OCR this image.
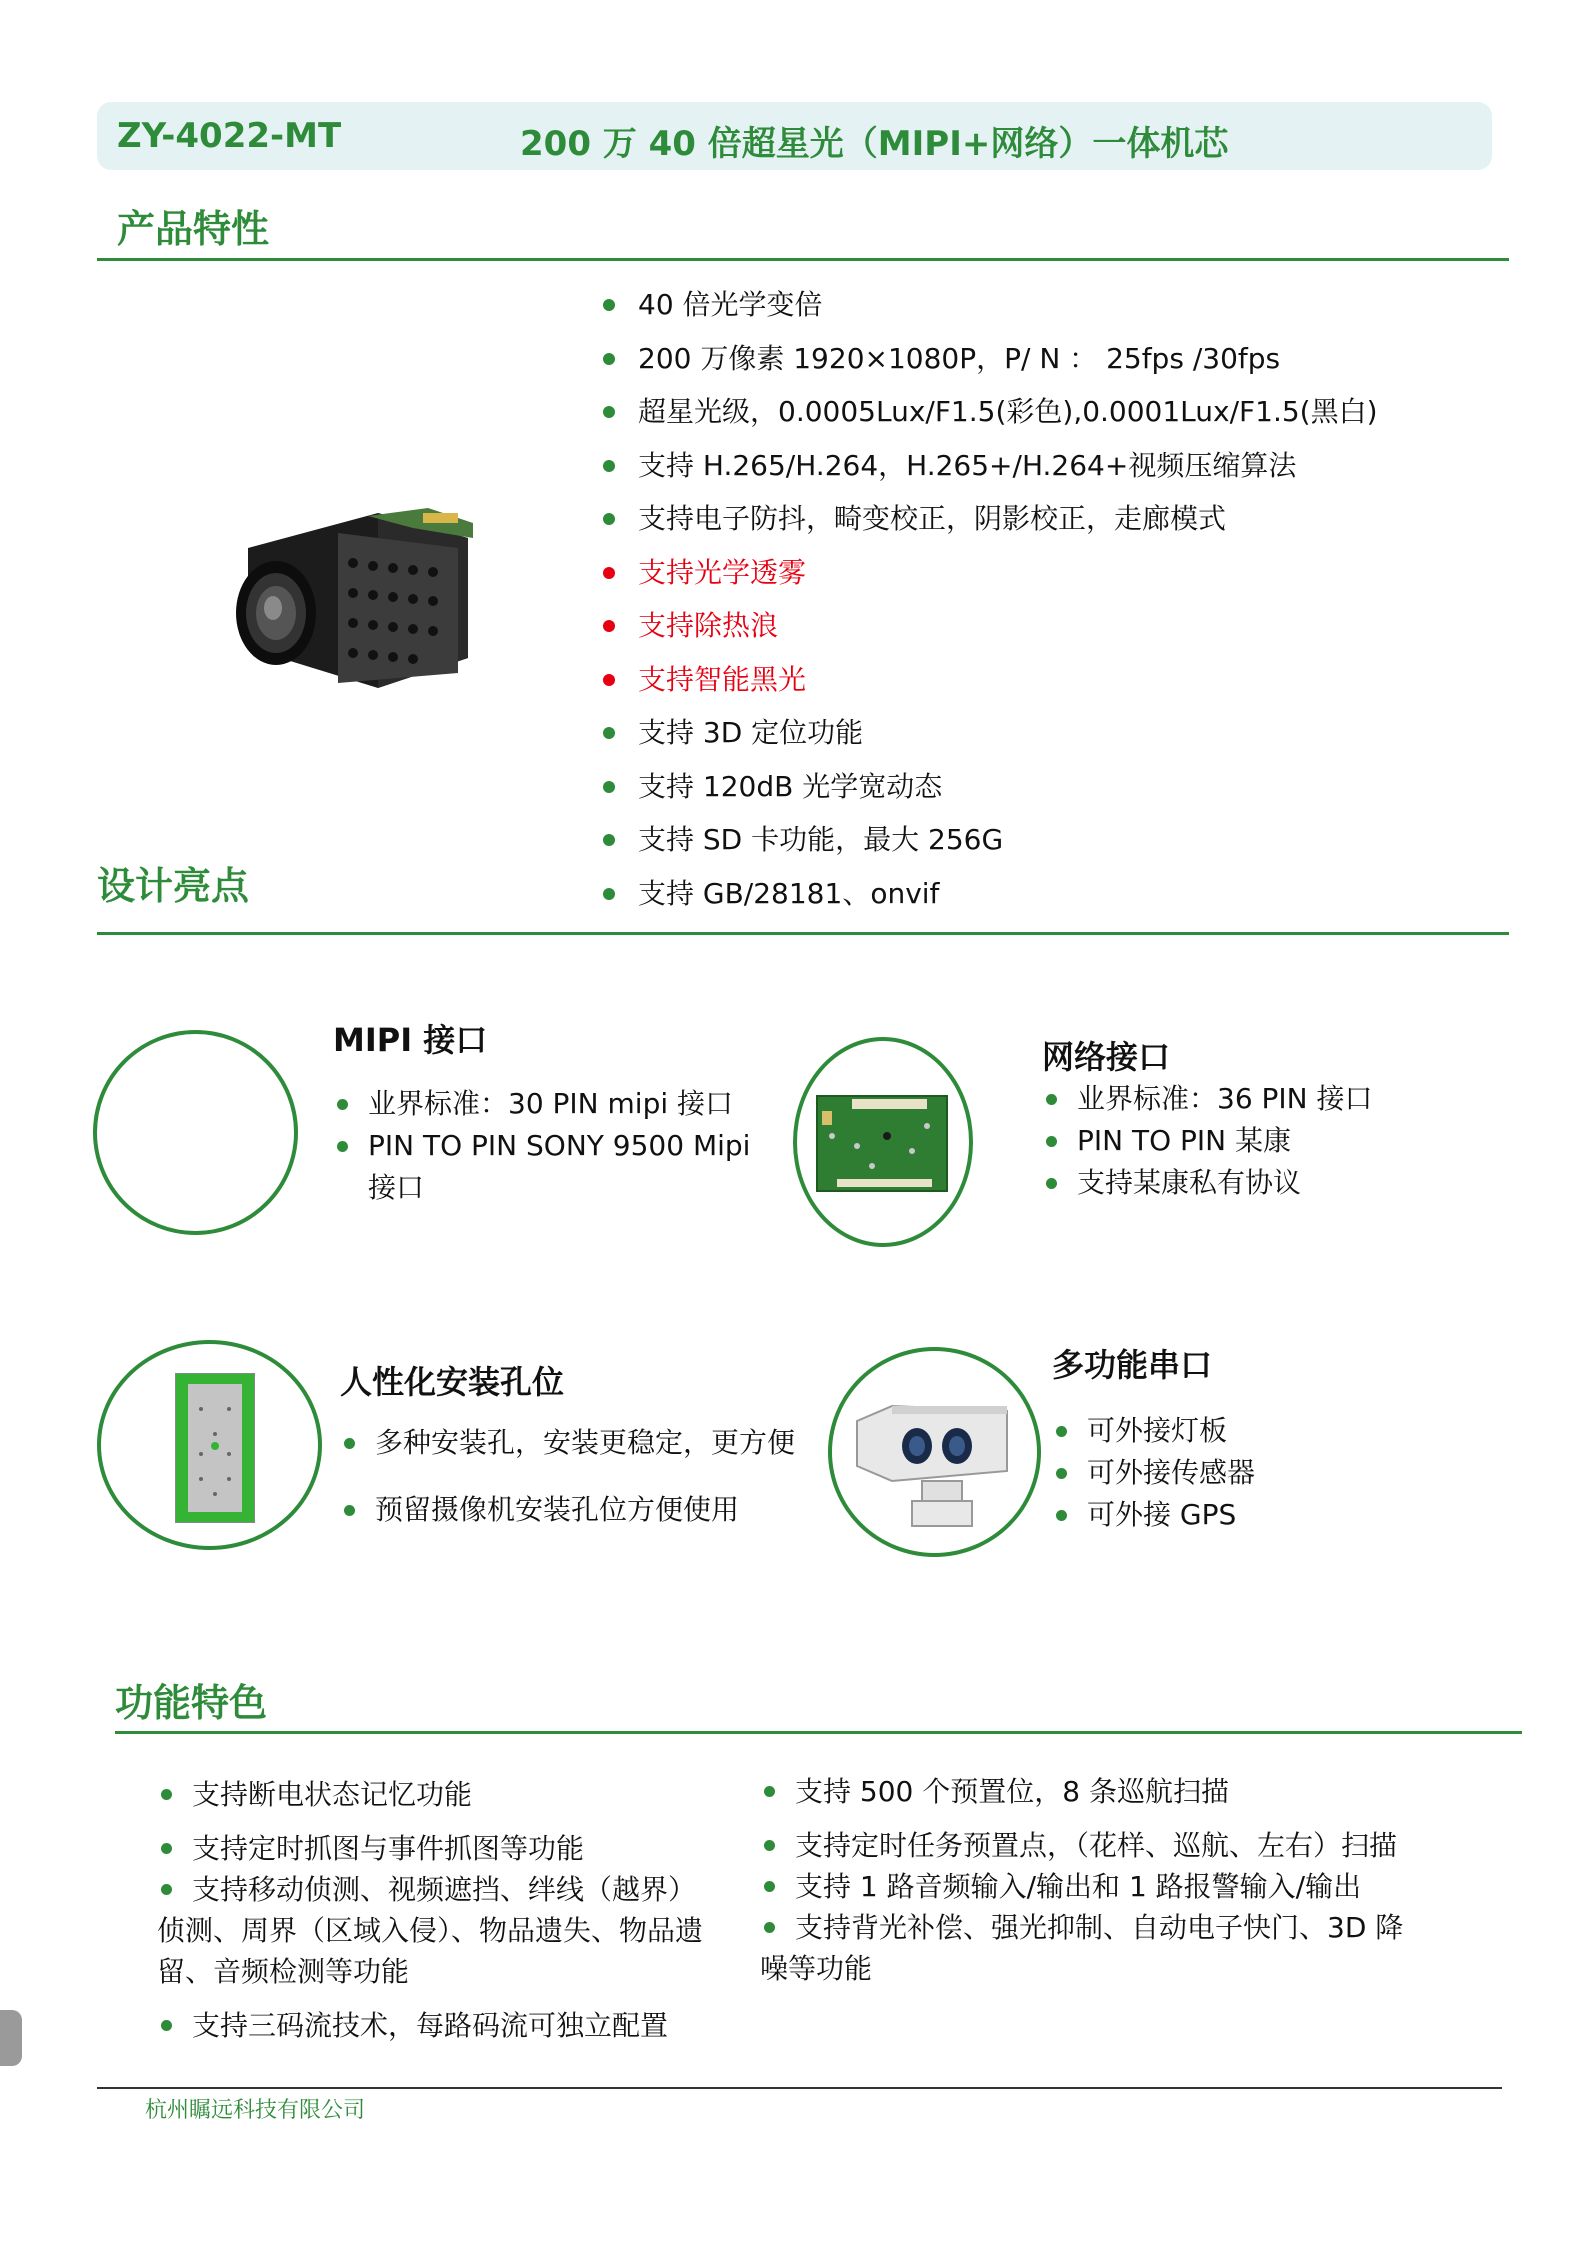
ZY-4022-MT	200 万 40 倍超星光（MIPI+网络）一体机芯
产品特性
40 倍光学变倍
200 万像素 1920×1080P，P/ N ： 25fps /30fps
超星光级，0.0005Lux/F1.5(彩色),0.0001Lux/F1.5(黑白)
支持 H.265/H.264，H.265+/H.264+视频压缩算法
支持电子防抖，畸变校正，阴影校正，走廊模式
支持光学透雾
支持除热浪
支持智能黑光
支持 3D 定位功能
支持 120dB 光学宽动态
支持 SD 卡功能，最大 256G
支持 GB/28181、onvif
设计亮点
MIPI 接口
业界标准：30 PIN mipi 接口
PIN TO PIN SONY 9500 Mipi 接口
网络接口
业界标准：36 PIN 接口
PIN TO PIN 某康
支持某康私有协议
人性化安装孔位
多种安装孔，安装更稳定，更方便
预留摄像机安装孔位方便使用
多功能串口
可外接灯板
可外接传感器
可外接 GPS
功能特色
支持断电状态记忆功能
支持定时抓图与事件抓图等功能
支持移动侦测、视频遮挡、绊线（越界）侦测、周界（区域入侵）、物品遗失、物品遗留、音频检测等功能
支持三码流技术，每路码流可独立配置
支持 500 个预置位，8 条巡航扫描
支持定时任务预置点，（花样、巡航、左右）扫描
支持 1 路音频输入/输出和 1 路报警输入/输出
支持背光补偿、强光抑制、自动电子快门、3D 降噪等功能
杭州瞩远科技有限公司
